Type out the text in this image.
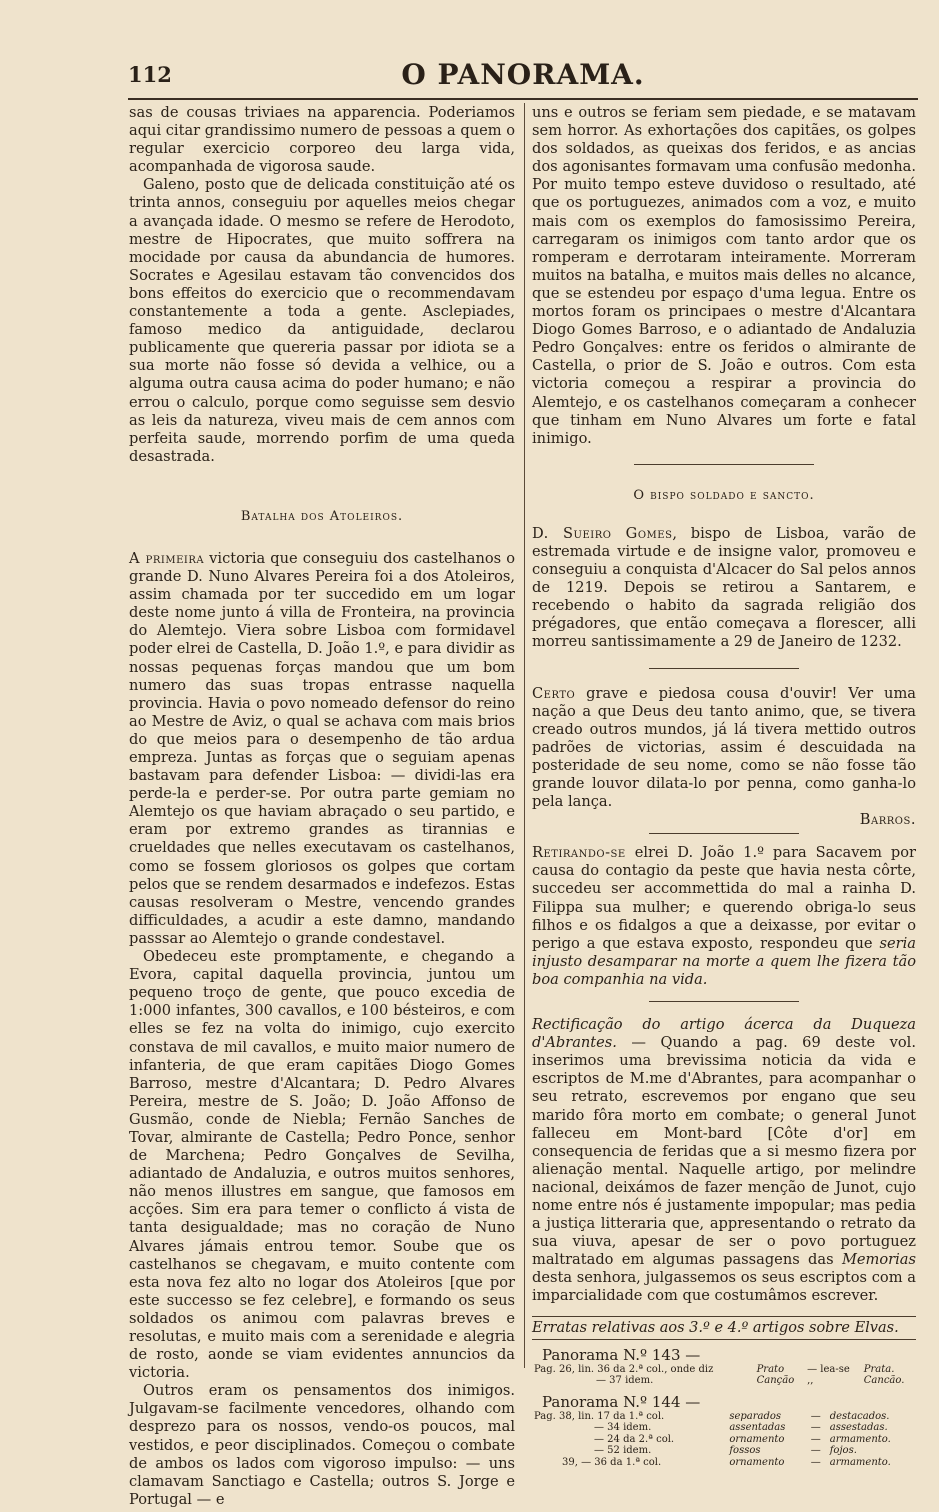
112	O PANORAMA.

sas de cousas triviaes na apparencia. Poderiamos aqui citar grandissimo numero de pessoas a quem o regular exercicio corporeo deu larga vida, acompanhada de vigorosa saude.

Galeno, posto que de delicada constituição até os trinta annos, conseguiu por aquelles meios chegar a avançada idade. O mesmo se refere de Herodoto, mestre de Hipocrates, que muito soffrera na mocidade por causa da abundancia de humores. Socrates e Agesilau estavam tão convencidos dos bons effeitos do exercicio que o recommendavam constantemente a toda a gente. Asclepiades, famoso medico da antiguidade, declarou publicamente que quereria passar por idiota se a sua morte não fosse só devida a velhice, ou a alguma outra causa acima do poder humano; e não errou o calculo, porque como seguisse sem desvio as leis da natureza, viveu mais de cem annos com perfeita saude, morrendo porfim de uma queda desastrada.

Batalha dos Atoleiros.

A primeira victoria que conseguiu dos castelhanos o grande D. Nuno Alvares Pereira foi a dos Atoleiros, assim chamada por ter succedido em um logar deste nome junto á villa de Fronteira, na provincia do Alemtejo. Viera sobre Lisboa com formidavel poder elrei de Castella, D. João 1.º, e para dividir as nossas pequenas forças mandou que um bom numero das suas tropas entrasse naquella provincia. Havia o povo nomeado defensor do reino ao Mestre de Aviz, o qual se achava com mais brios do que meios para o desempenho de tão ardua empreza. Juntas as forças que o seguiam apenas bastavam para defender Lisboa: — dividi-las era perde-la e perder-se. Por outra parte gemiam no Alemtejo os que haviam abraçado o seu partido, e eram por extremo grandes as tirannias e crueldades que nelles executavam os castelhanos, como se fossem gloriosos os golpes que cortam pelos que se rendem desarmados e indefezos. Estas causas resolveram o Mestre, vencendo grandes difficuldades, a acudir a este damno, mandando passsar ao Alemtejo o grande condestavel.

Obedeceu este promptamente, e chegando a Evora, capital daquella provincia, juntou um pequeno troço de gente, que pouco excedia de 1:000 infantes, 300 cavallos, e 100 bésteiros, e com elles se fez na volta do inimigo, cujo exercito constava de mil cavallos, e muito maior numero de infanteria, de que eram capitães Diogo Gomes Barroso, mestre d'Alcantara; D. Pedro Alvares Pereira, mestre de S. João; D. João Affonso de Gusmão, conde de Niebla; Fernão Sanches de Tovar, almirante de Castella; Pedro Ponce, senhor de Marchena; Pedro Gonçalves de Sevilha, adiantado de Andaluzia, e outros muitos senhores, não menos illustres em sangue, que famosos em acções. Sim era para temer o conflicto á vista de tanta desigualdade; mas no coração de Nuno Alvares jámais entrou temor. Soube que os castelhanos se chegavam, e muito contente com esta nova fez alto no logar dos Atoleiros [que por este successo se fez celebre], e formando os seus soldados os animou com palavras breves e resolutas, e muito mais com a serenidade e alegria de rosto, aonde se viam evidentes annuncios da victoria.

Outros eram os pensamentos dos inimigos. Julgavam-se facilmente vencedores, olhando com desprezo para os nossos, vendo-os poucos, mal vestidos, e peor disciplinados. Começou o combate de ambos os lados com vigoroso impulso: — uns clamavam Sanctiago e Castella; outros S. Jorge e Portugal — e

uns e outros se feriam sem piedade, e se matavam sem horror. As exhortações dos capitães, os golpes dos soldados, as queixas dos feridos, e as ancias dos agonisantes formavam uma confusão medonha. Por muito tempo esteve duvidoso o resultado, até que os portuguezes, animados com a voz, e muito mais com os exemplos do famosissimo Pereira, carregaram os inimigos com tanto ardor que os romperam e derrotaram inteiramente. Morreram muitos na batalha, e muitos mais delles no alcance, que se estendeu por espaço d'uma legua. Entre os mortos foram os principaes o mestre d'Alcantara Diogo Gomes Barroso, e o adiantado de Andaluzia Pedro Gonçalves: entre os feridos o almirante de Castella, o prior de S. João e outros. Com esta victoria começou a respirar a provincia do Alemtejo, e os castelhanos começaram a conhecer que tinham em Nuno Alvares um forte e fatal inimigo.

O bispo soldado e sancto.

D. Sueiro Gomes, bispo de Lisboa, varão de estremada virtude e de insigne valor, promoveu e conseguiu a conquista d'Alcacer do Sal pelos annos de 1219. Depois se retirou a Santarem, e recebendo o habito da sagrada religião dos prégadores, que então começava a florescer, alli morreu santissimamente a 29 de Janeiro de 1232.

Certo grave e piedosa cousa d'ouvir! Ver uma nação a que Deus deu tanto animo, que, se tivera creado outros mundos, já lá tivera mettido outros padrões de victorias, assim é descuidada na posteridade de seu nome, como se não fosse tão grande louvor dilata-lo por penna, como ganha-lo pela lança.

Barros.

Retirando-se elrei D. João 1.º para Sacavem por causa do contagio da peste que havia nesta côrte, succedeu ser accommettida do mal a rainha D. Filippa sua mulher; e querendo obriga-lo seus filhos e os fidalgos a que a deixasse, por evitar o perigo a que estava exposto, respondeu que seria injusto desamparar na morte a quem lhe fizera tão boa companhia na vida.

Rectificação do artigo ácerca da Duqueza d'Abrantes. — Quando a pag. 69 deste vol. inserimos uma brevissima noticia da vida e escriptos de M.me d'Abrantes, para acompanhar o seu retrato, escrevemos por engano que seu marido fôra morto em combate; o general Junot falleceu em Mont-bard [Côte d'or] em consequencia de feridas que a si mesmo fizera por alienação mental. Naquelle artigo, por melindre nacional, deixámos de fazer menção de Junot, cujo nome entre nós é justamente impopular; mas pedia a justiça litteraria que, appresentando o retrato da sua viuva, apesar de ser o povo portuguez maltratado em algumas passagens das Memorias desta senhora, julgassemos os seus escriptos com a imparcialidade com que costumâmos escrever.

Erratas relativas aos 3.º e 4.º artigos sobre Elvas.
Panorama N.º 143 —
Pag. 26, lin. 36 da 2.ª col., onde diz	Prato	— lea-se	Prata.
— 37 idem.	Canção	,,	Cancão.
Panorama N.º 144 —
Pag. 38, lin. 17 da 1.ª col.	separados	—	destacados.
— 34 idem.	assentadas	—	assestadas.
— 24 da 2.ª col.	ornamento	—	armamento.
— 52 idem.	fossos	—	fojos.
39, — 36 da 1.ª col.	ornamento	—	armamento.
